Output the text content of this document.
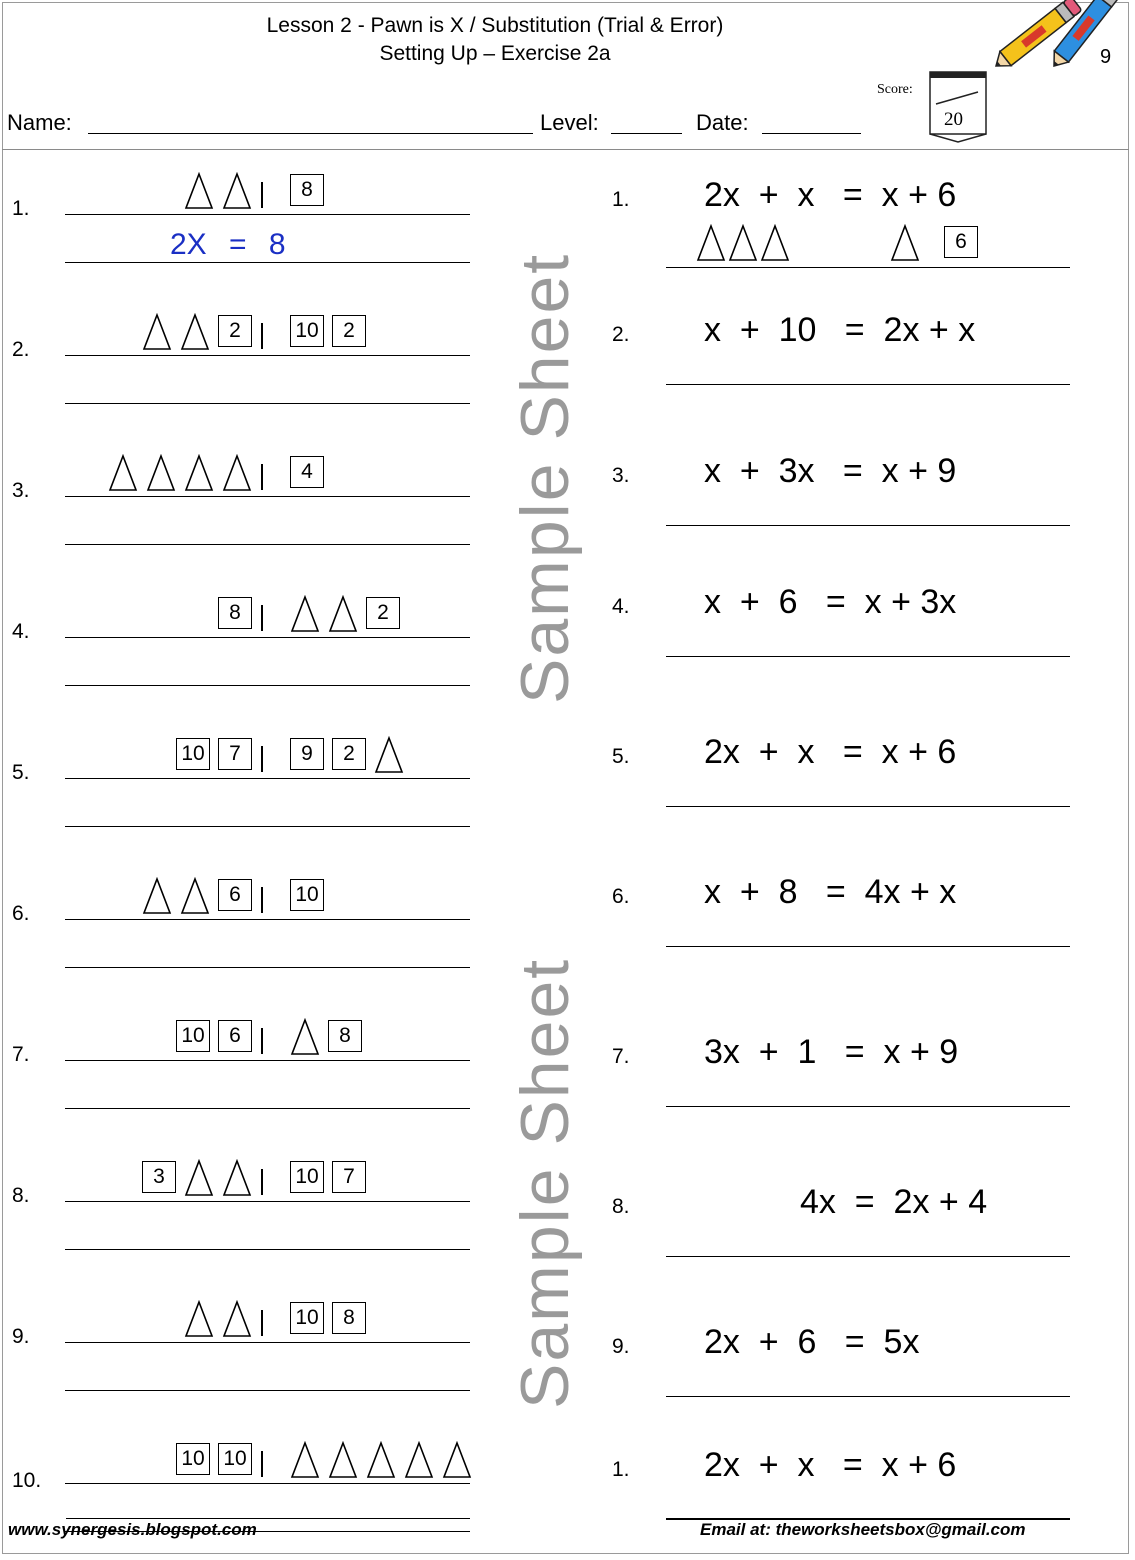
Lesson 2 - Pawn is X / Substitution (Trial & Error)
Setting Up – Exercise 2a	9
Score:
20
Name:	Level:	Date:
1.
8
2X = 8
2.
2	10	2
3.
4
4.
8	2
5.
10	7	9	2
6.
6	10
7.
10	6	8
8.
3	10	7
9.
10	8
10.
10 10
Sample Sheet
Sample Sheet
1. 2x  +  x   =  x + 6
6
2. x  +  10   =  2x + x
3. x  +  3x   =  x + 9
4. x  +  6   =  x + 3x
5. 2x  +  x   =  x + 6
6. x  +  8   =  4x + x
7. 3x  +  1   =  x + 9
8.	4x  =  2x + 4
9. 2x  +  6   =  5x
1. 2x  +  x   =  x + 6
www.synergesis.blogspot.com	Email at: theworksheetsbox@gmail.com
